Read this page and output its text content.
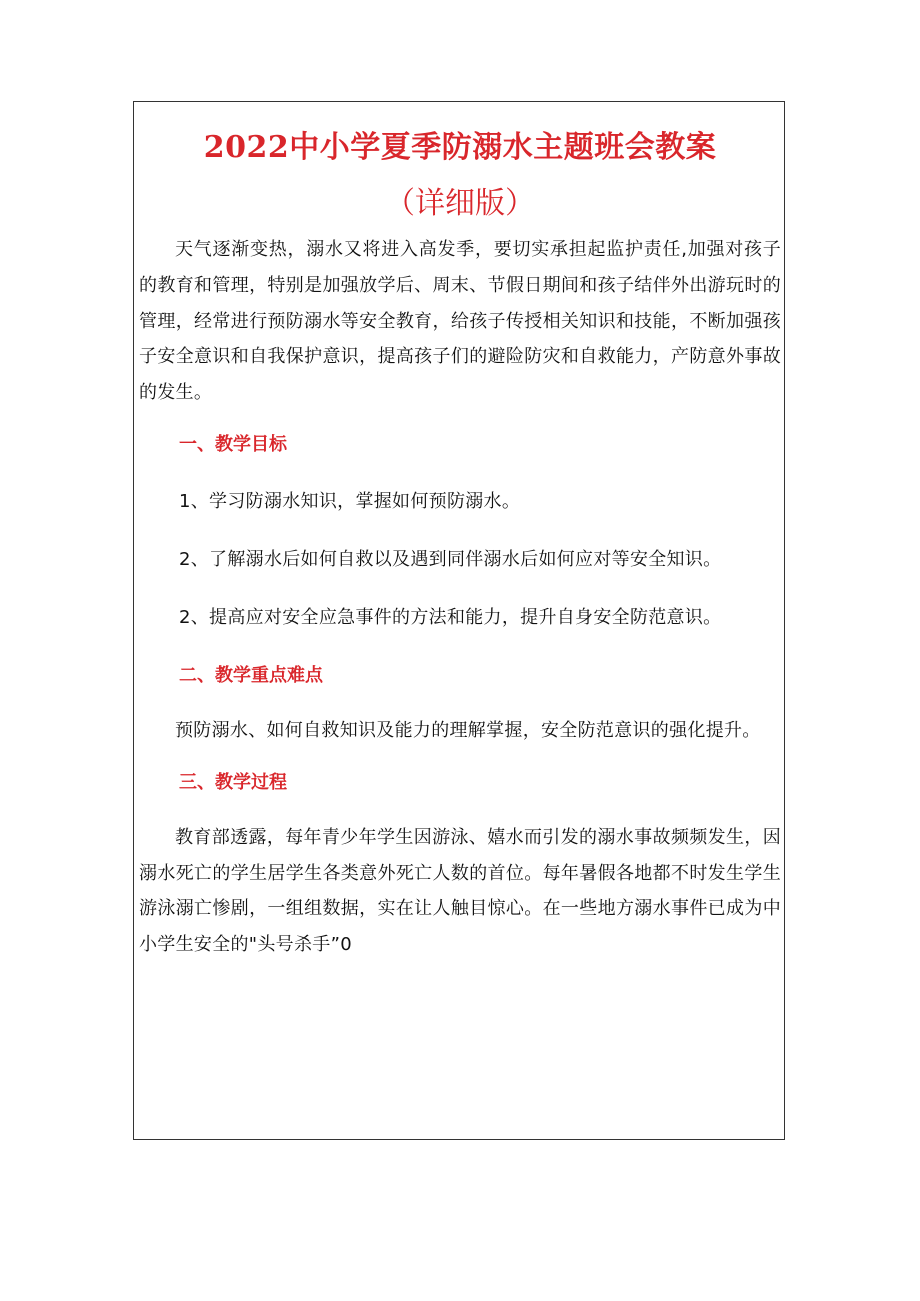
2022中小学夏季防溺水主题班会教案

（详细版）

天气逐渐变热，溺水又将进入高发季，要切实承担起监护责任,加强对孩子的教育和管理，特别是加强放学后、周末、节假日期间和孩子结伴外出游玩时的管理，经常进行预防溺水等安全教育，给孩子传授相关知识和技能，不断加强孩子安全意识和自我保护意识，提高孩子们的避险防灾和自救能力，产防意外事故的发生。

一、教学目标

1、学习防溺水知识，掌握如何预防溺水。

2、了解溺水后如何自救以及遇到同伴溺水后如何应对等安全知识。

2、提高应对安全应急事件的方法和能力，提升自身安全防范意识。

二、教学重点难点

预防溺水、如何自救知识及能力的理解掌握，安全防范意识的强化提升。

三、教学过程

教育部透露，每年青少年学生因游泳、嬉水而引发的溺水事故频频发生，因溺水死亡的学生居学生各类意外死亡人数的首位。每年暑假各地都不时发生学生游泳溺亡惨剧，一组组数据，实在让人触目惊心。在一些地方溺水事件已成为中小学生安全的"头号杀手”0
